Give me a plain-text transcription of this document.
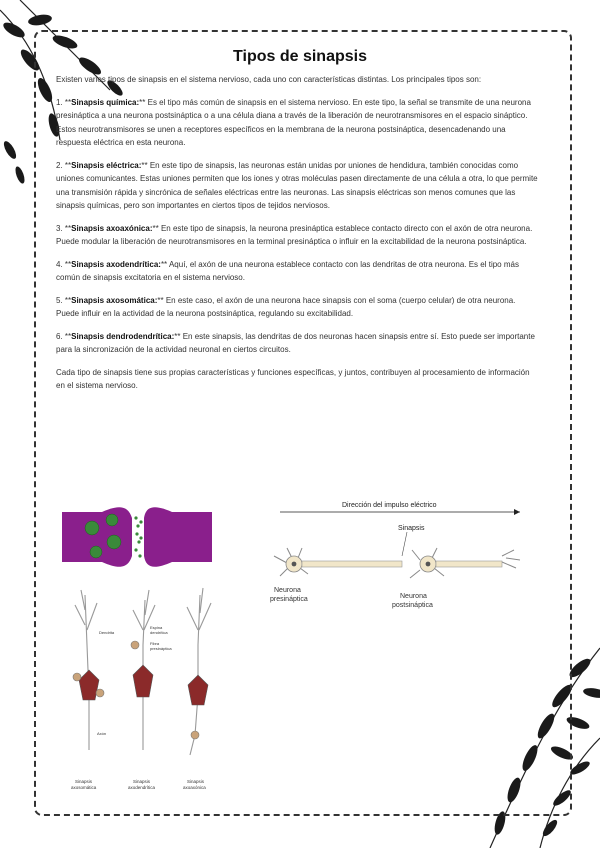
Tipos de sinapsis

Existen varios tipos de sinapsis en el sistema nervioso, cada uno con características distintas. Los principales tipos son:

1. **Sinapsis química:** Es el tipo más común de sinapsis en el sistema nervioso. En este tipo, la señal se transmite de una neurona presináptica a una neurona postsináptica o a una célula diana a través de la liberación de neurotransmisores en el espacio sináptico. Estos neurotransmisores se unen a receptores específicos en la membrana de la neurona postsináptica, desencadenando una respuesta eléctrica en esta neurona.

2. **Sinapsis eléctrica:** En este tipo de sinapsis, las neuronas están unidas por uniones de hendidura, también conocidas como uniones comunicantes. Estas uniones permiten que los iones y otras moléculas pasen directamente de una célula a otra, lo que permite una transmisión rápida y sincrónica de señales eléctricas entre las neuronas. Las sinapsis eléctricas son menos comunes que las sinapsis químicas, pero son importantes en ciertos tipos de tejidos nerviosos.

3. **Sinapsis axoaxónica:** En este tipo de sinapsis, la neurona presináptica establece contacto directo con el axón de otra neurona. Puede modular la liberación de neurotransmisores en la terminal presináptica o influir en la excitabilidad de la neurona postsináptica.

4. **Sinapsis axodendrítica:** Aquí, el axón de una neurona establece contacto con las dendritas de otra neurona. Es el tipo más común de sinapsis excitatoria en el sistema nervioso.

5. **Sinapsis axosomática:** En este caso, el axón de una neurona hace sinapsis con el soma (cuerpo celular) de otra neurona. Puede influir en la actividad de la neurona postsináptica, regulando su excitabilidad.

6. **Sinapsis dendrodendrítica:** En este sinapsis, las dendritas de dos neuronas hacen sinapsis entre sí. Esto puede ser importante para la sincronización de la actividad neuronal en ciertos circuitos.

Cada tipo de sinapsis tiene sus propias características y funciones específicas, y juntos, contribuyen al procesamiento de información en el sistema nervioso.

Dendrita
Espina
dendrítica
Fibra
presináptica
Axón
Sinapsis
axosomática
Sinapsis
axodendrítica
Sinapsis
axoaxónica
Dirección del impulso eléctrico
Sinapsis
Neurona
presináptica	Neurona
postsináptica
